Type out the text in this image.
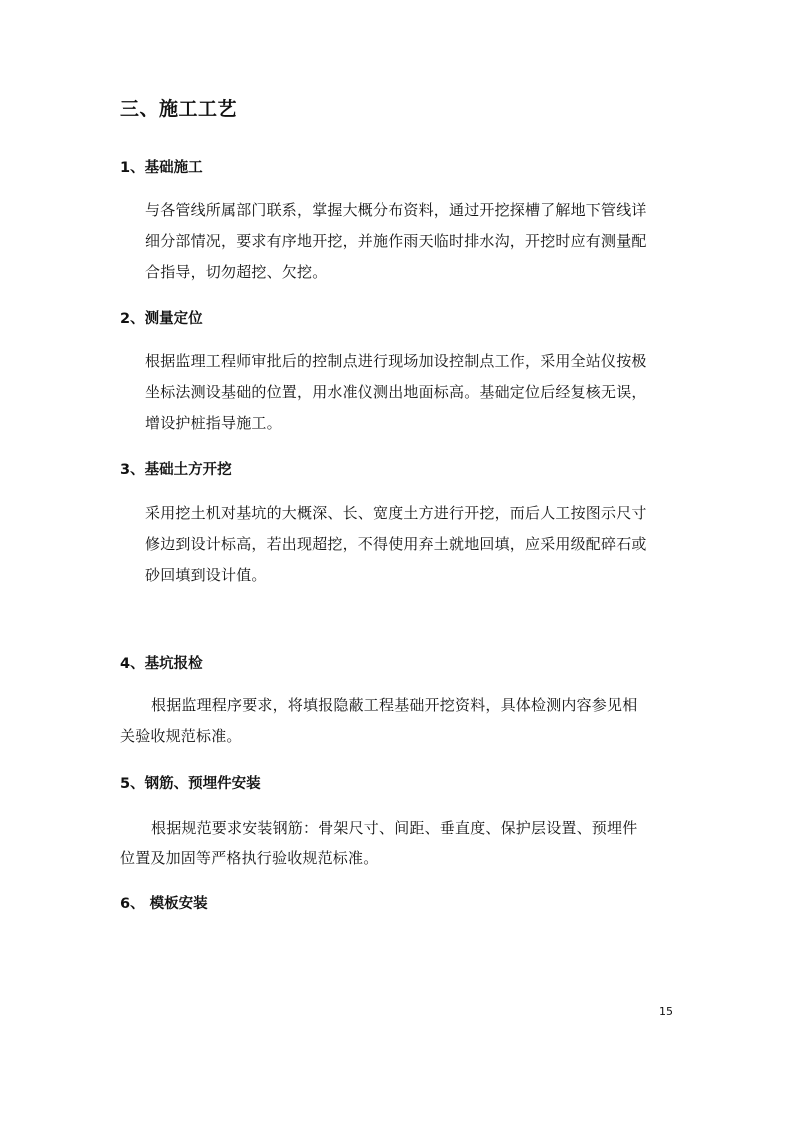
三、施工工艺
1、基础施工
与各管线所属部门联系，掌握大概分布资料，通过开挖探槽了解地下管线详
细分部情况，要求有序地开挖，并施作雨天临时排水沟，开挖时应有测量配
合指导，切勿超挖、欠挖。
2、测量定位
根据监理工程师审批后的控制点进行现场加设控制点工作，采用全站仪按极
坐标法测设基础的位置，用水准仪测出地面标高。基础定位后经复核无误，
增设护桩指导施工。
3、基础土方开挖
采用挖土机对基坑的大概深、长、宽度土方进行开挖，而后人工按图示尺寸
修边到设计标高，若出现超挖，不得使用弃土就地回填，应采用级配碎石或
砂回填到设计值。
4、基坑报检
根据监理程序要求，将填报隐蔽工程基础开挖资料，具体检测内容参见相
关验收规范标准。
5、钢筋、预埋件安装
根据规范要求安装钢筋：骨架尺寸、间距、垂直度、保护层设置、预埋件
位置及加固等严格执行验收规范标准。
6、 模板安装
15
